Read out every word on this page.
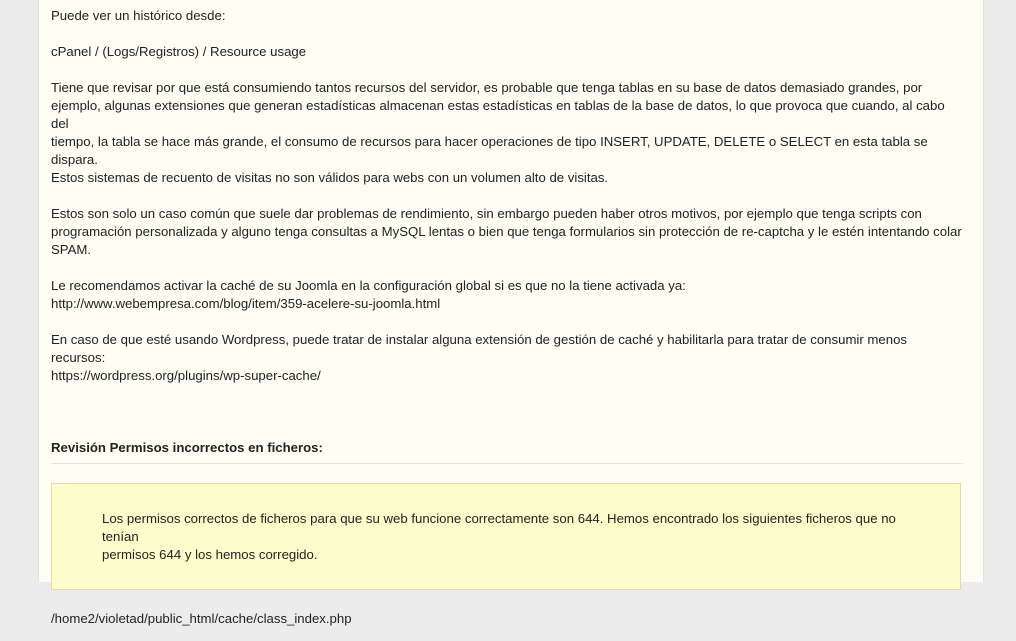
Puede ver un histórico desde:

cPanel / (Logs/Registros) / Resource usage

Tiene que revisar por que está consumiendo tantos recursos del servidor, es probable que tenga tablas en su base de datos demasiado grandes, por
ejemplo, algunas extensiones que generan estadísticas almacenan estas estadísticas en tablas de la base de datos, lo que provoca que cuando, al cabo del
tiempo, la tabla se hace más grande, el consumo de recursos para hacer operaciones de tipo INSERT, UPDATE, DELETE o SELECT en esta tabla se dispara.
Estos sistemas de recuento de visitas no son válidos para webs con un volumen alto de visitas.

Estos son solo un caso común que suele dar problemas de rendimiento, sin embargo pueden haber otros motivos, por ejemplo que tenga scripts con
programación personalizada y alguno tenga consultas a MySQL lentas o bien que tenga formularios sin protección de re-captcha y le estén intentando colar
SPAM.

Le recomendamos activar la caché de su Joomla en la configuración global si es que no la tiene activada ya:
http://www.webempresa.com/blog/item/359-acelere-su-joomla.html

En caso de que esté usando Wordpress, puede tratar de instalar alguna extensión de gestión de caché y habilitarla para tratar de consumir menos recursos:
https://wordpress.org/plugins/wp-super-cache/

Revisión Permisos incorrectos en ficheros:

Los permisos correctos de ficheros para que su web funcione correctamente son 644. Hemos encontrado los siguientes ficheros que no tenían
permisos 644 y los hemos corregido.

/home2/violetad/public_html/cache/class_index.php
